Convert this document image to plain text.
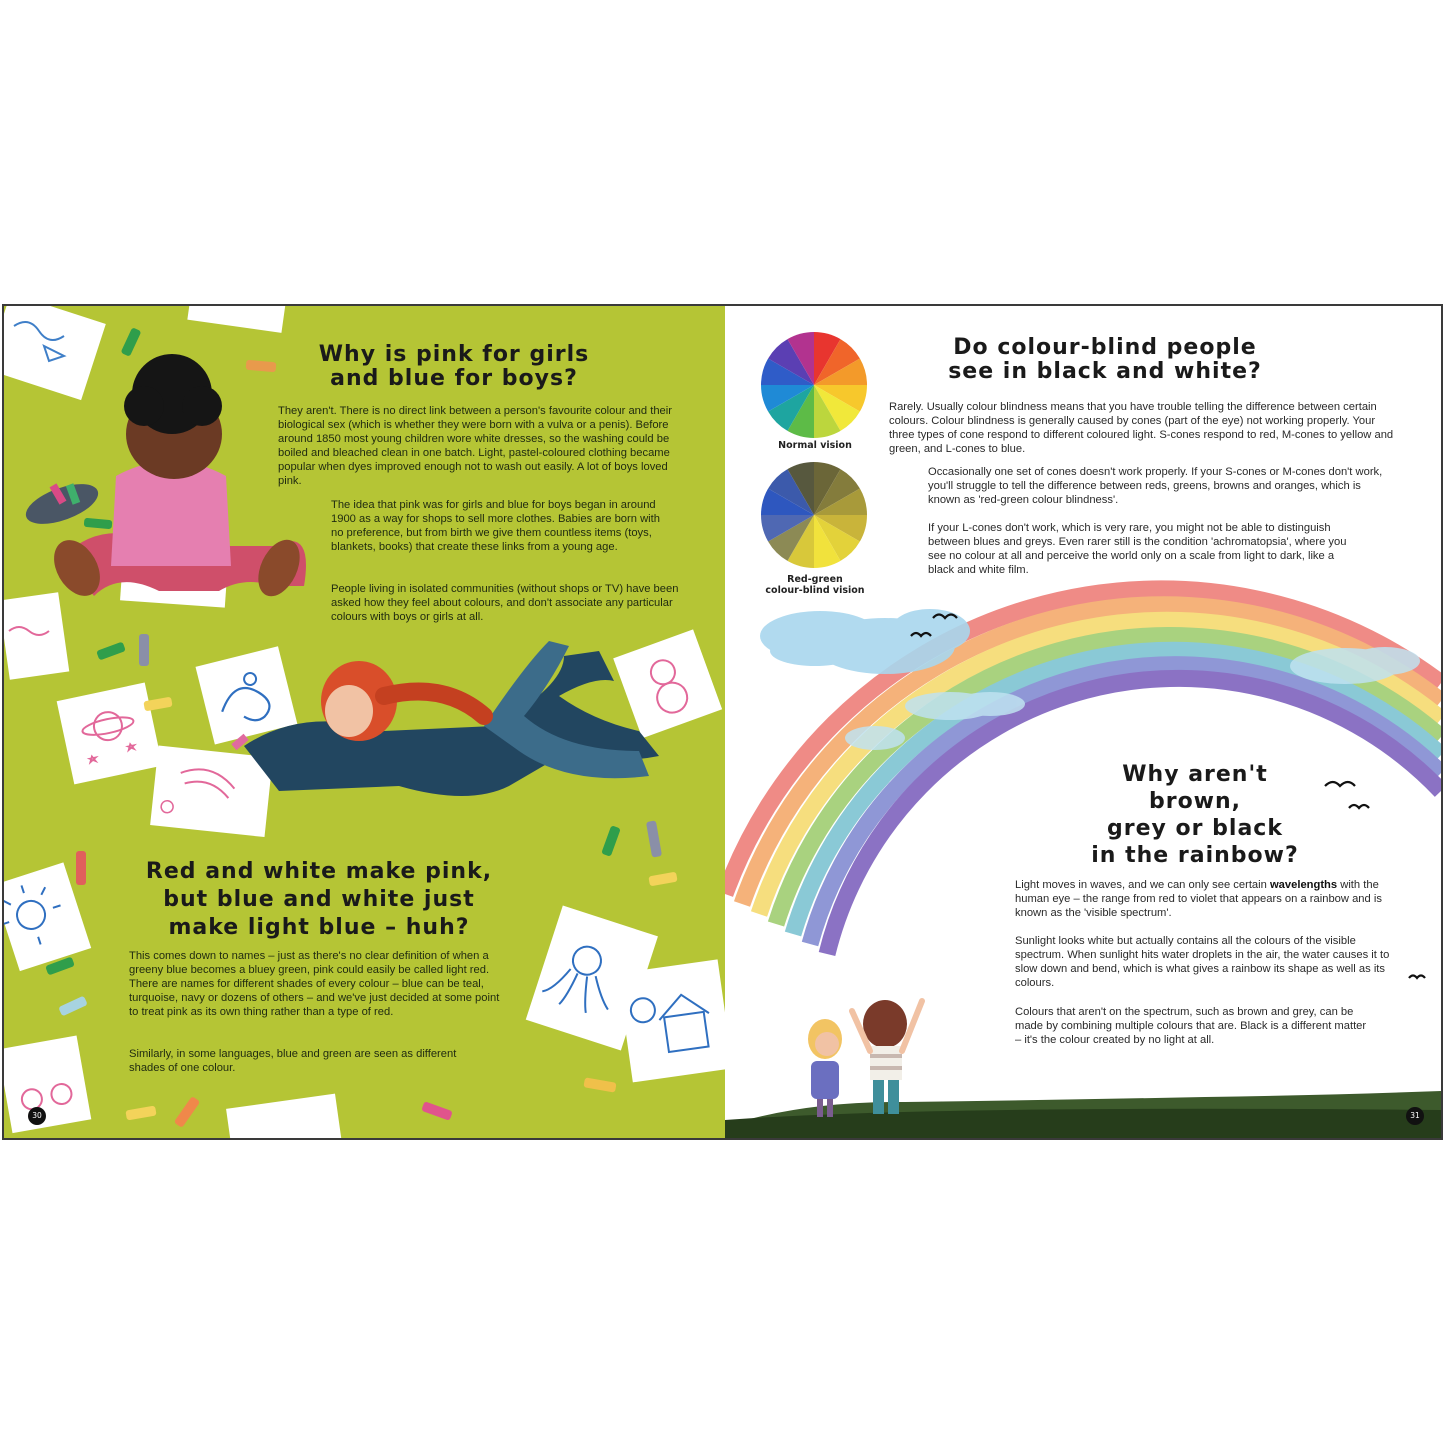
Why is pink for girls
and blue for boys?

They aren't. There is no direct link between a person's favourite colour and their biological sex (which is whether they were born with a vulva or a penis). Before around 1850 most young children wore white dresses, so the washing could be boiled and bleached clean in one batch. Light, pastel-coloured clothing became popular when dyes improved enough not to wash out easily. A lot of boys loved pink.

The idea that pink was for girls and blue for boys began in around 1900 as a way for shops to sell more clothes. Babies are born with no preference, but from birth we give them countless items (toys, blankets, books) that create these links from a young age.

People living in isolated communities (without shops or TV) have been asked how they feel about colours, and don't associate any particular colours with boys or girls at all.

Red and white make pink,
but blue and white just
make light blue – huh?

This comes down to names – just as there's no clear definition of when a greeny blue becomes a bluey green, pink could easily be called light red. There are names for different shades of every colour – blue can be teal, turquoise, navy or dozens of others – and we've just decided at some point to treat pink as its own thing rather than a type of red.

Similarly, in some languages, blue and green are seen as different shades of one colour.

30
Normal vision
Red-green
colour-blind vision
Do colour-blind people
see in black and white?

Rarely. Usually colour blindness means that you have trouble telling the difference between certain colours. Colour blindness is generally caused by cones (part of the eye) not working properly. Your three types of cone respond to different coloured light. S-cones respond to red, M-cones to yellow and green, and L-cones to blue.

Occasionally one set of cones doesn't work properly. If your S-cones or M-cones don't work, you'll struggle to tell the difference between reds, greens, browns and oranges, which is known as 'red-green colour blindness'.

If your L-cones don't work, which is very rare, you might not be able to distinguish between blues and greys. Even rarer still is the condition 'achromatopsia', where you see no colour at all and perceive the world only on a scale from light to dark, like a black and white film.

Why aren't
brown,
grey or black
in the rainbow?

Light moves in waves, and we can only see certain wavelengths with the human eye – the range from red to violet that appears on a rainbow and is known as the 'visible spectrum'.

Sunlight looks white but actually contains all the colours of the visible spectrum. When sunlight hits water droplets in the air, the water causes it to slow down and bend, which is what gives a rainbow its shape as well as its colours.

Colours that aren't on the spectrum, such as brown and grey, can be made by combining multiple colours that are. Black is a different matter – it's the colour created by no light at all.

31
